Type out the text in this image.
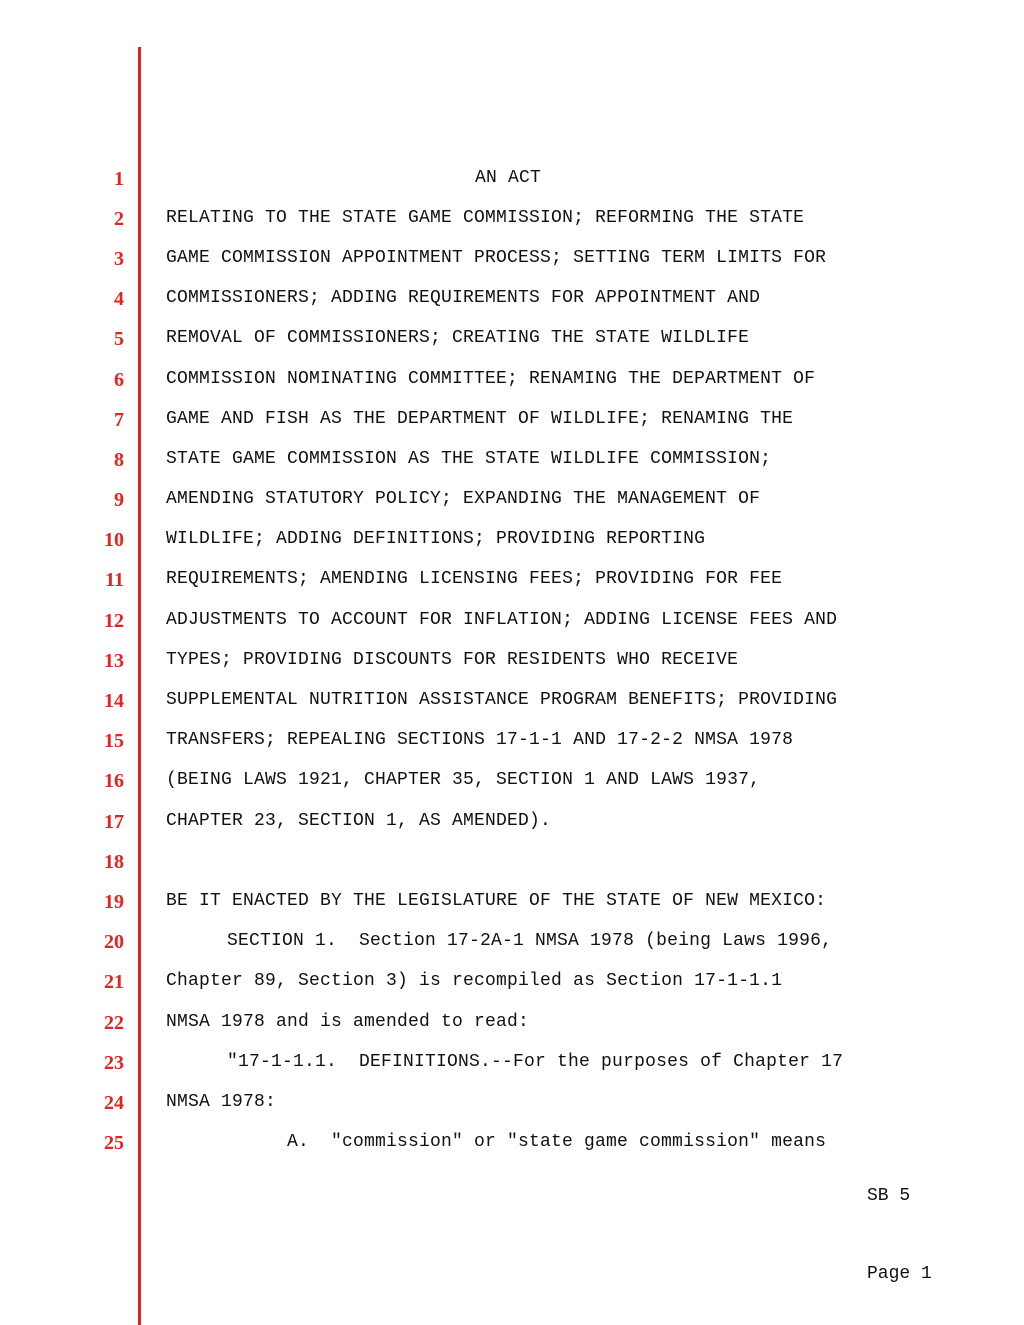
1
2
3
4
5
6
7
8
9
10
11
12
13
14
15
16
17
18
19
20
21
22
23
24
25
AN ACT
RELATING TO THE STATE GAME COMMISSION; REFORMING THE STATE
GAME COMMISSION APPOINTMENT PROCESS; SETTING TERM LIMITS FOR
COMMISSIONERS; ADDING REQUIREMENTS FOR APPOINTMENT AND
REMOVAL OF COMMISSIONERS; CREATING THE STATE WILDLIFE
COMMISSION NOMINATING COMMITTEE; RENAMING THE DEPARTMENT OF
GAME AND FISH AS THE DEPARTMENT OF WILDLIFE; RENAMING THE
STATE GAME COMMISSION AS THE STATE WILDLIFE COMMISSION;
AMENDING STATUTORY POLICY; EXPANDING THE MANAGEMENT OF
WILDLIFE; ADDING DEFINITIONS; PROVIDING REPORTING
REQUIREMENTS; AMENDING LICENSING FEES; PROVIDING FOR FEE
ADJUSTMENTS TO ACCOUNT FOR INFLATION; ADDING LICENSE FEES AND
TYPES; PROVIDING DISCOUNTS FOR RESIDENTS WHO RECEIVE
SUPPLEMENTAL NUTRITION ASSISTANCE PROGRAM BENEFITS; PROVIDING
TRANSFERS; REPEALING SECTIONS 17-1-1 AND 17-2-2 NMSA 1978
(BEING LAWS 1921, CHAPTER 35, SECTION 1 AND LAWS 1937,
CHAPTER 23, SECTION 1, AS AMENDED).
BE IT ENACTED BY THE LEGISLATURE OF THE STATE OF NEW MEXICO:
SECTION 1.  Section 17-2A-1 NMSA 1978 (being Laws 1996,
Chapter 89, Section 3) is recompiled as Section 17-1-1.1
NMSA 1978 and is amended to read:
"17-1-1.1.  DEFINITIONS.--For the purposes of Chapter 17
NMSA 1978:
A.  "commission" or "state game commission" means

SB 5

Page 1
